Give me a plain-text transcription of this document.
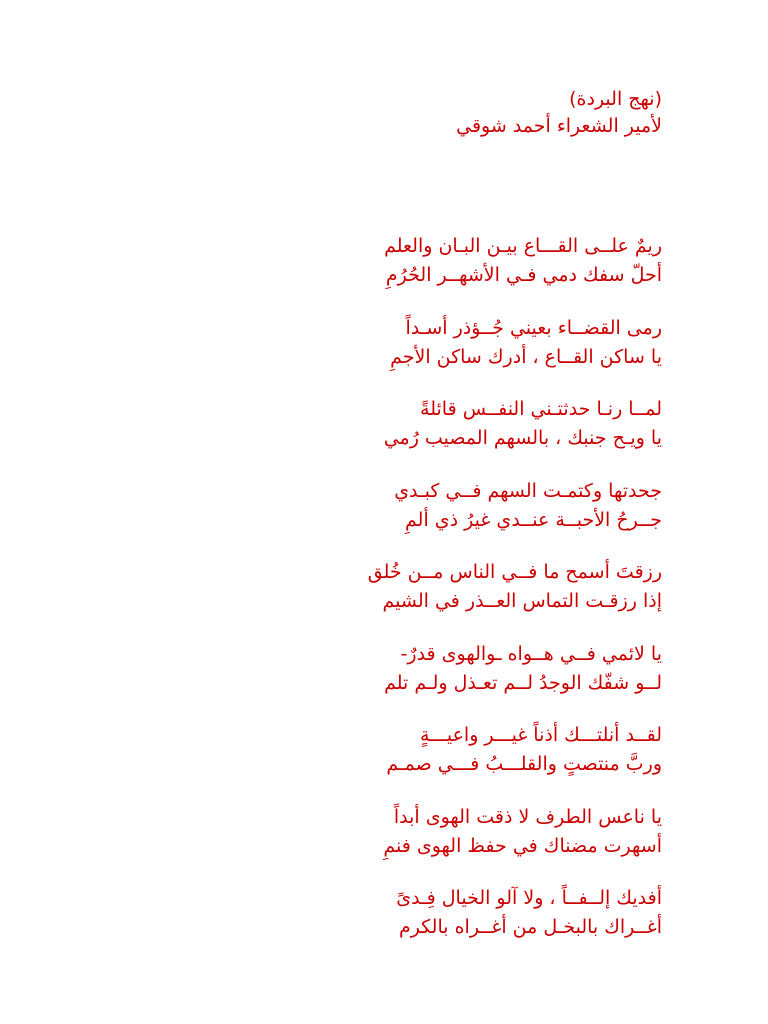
(نهج البردة)
لأمير الشعراء أحمد شوقي
ريمٌ علــى القـــاع بيـن البـان والعلم
أحلّ سفك دمي فـي الأشهــر الحُرُمِ
رمى القضــاء بعيني جُــؤذر أسـداً
يا ساكن القــاع ، أدرك ساكن الأجمِ
لمــا رنـا حدثتـني النفــس قائلةً
يا ويـح جنبك ، بالسهم المصيب رُمي
جحدتها وكتمـت السهم فــي كبـدي
جــرحُ الأحبــة عنــدي غيرُ ذي ألمِ
رزقتَ أسمح ما فــي الناس مــن خُلق
إذا رزقـت التماس العــذر في الشيم
يا لائمي فــي هــواه ـوالهوى قدرٌ-
لــو شفّك الوجدُ لــم تعـذل ولـم تلم
لقــد أنلتـــك أذناً غيـــر واعيـــةٍ
وربَّ منتصتٍ والقلـــبُ فـــي صمـم
يا ناعس الطرف لا ذقت الهوى أبداً
أسهرت مضناك في حفظ الهوى فنمِ
أفديك إلــفــاً ، ولا آلو الخيال فِـدىً
أغــراك بالبخـل من أغــراه بالكرم
